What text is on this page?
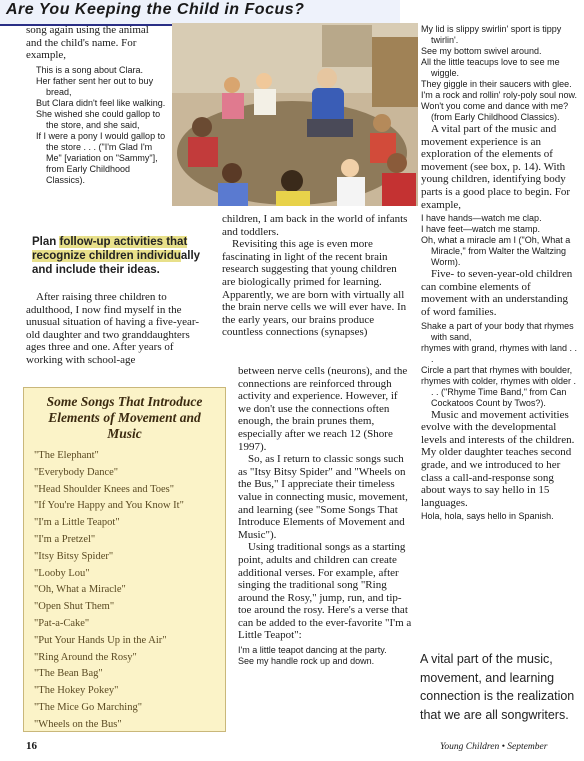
Are You Keeping the Child in Focus?

song again using the animal and the child's name. For example,

This is a song about Clara.
Her father sent her out to buy bread,
But Clara didn't feel like walking.
She wished she could gallop to the store, and she said,
If I were a pony I would gallop to the store . . . ("I'm Glad I'm Me" [variation on "Sammy"], from Early Childhood Classics).
Plan follow-up activities that recognize children individually and include their ideas.

After raising three children to adulthood, I now find myself in the unusual situation of having a five-year-old daughter and two granddaughters ages three and one. After years of working with school-age

Some Songs That Introduce Elements of Movement and Music
"The Elephant"
"Everybody Dance"
"Head Shoulder Knees and Toes"
"If You're Happy and You Know It"
"I'm a Little Teapot"
"I'm a Pretzel"
"Itsy Bitsy Spider"
"Looby Lou"
"Oh, What a Miracle"
"Open Shut Them"
"Pat-a-Cake"
"Put Your Hands Up in the Air"
"Ring Around the Rosy"
"The Bean Bag"
"The Hokey Pokey"
"The Mice Go Marching"
"Wheels on the Bus"

children, I am back in the world of infants and toddlers.

Revisiting this age is even more fascinating in light of the recent brain research suggesting that young children are biologically primed for learning. Apparently, we are born with virtually all the brain nerve cells we will ever have. In the early years, our brains produce countless connections (synapses)

between nerve cells (neurons), and the connections are reinforced through activity and experience. However, if we don't use the connections often enough, the brain prunes them, especially after we reach 12 (Shore 1997).

So, as I return to classic songs such as "Itsy Bitsy Spider" and "Wheels on the Bus," I appreciate their timeless value in connecting music, movement, and learning (see "Some Songs That Introduce Elements of Movement and Music").

Using traditional songs as a starting point, adults and children can create additional verses. For example, after singing the traditional song "Ring around the Rosy," jump, run, and tip-toe around the rosy. Here's a verse that can be added to the ever-favorite "I'm a Little Teapot":

I'm a little teapot dancing at the party.
See my handle rock up and down.
My lid is slippy swirlin' sport is tippy twirlin'.
See my bottom swivel around.
All the little teacups love to see me wiggle.
They giggle in their saucers with glee.
I'm a rock and rollin' roly-poly soul now.
Won't you come and dance with me? (from Early Childhood Classics).

A vital part of the music and movement experience is an exploration of the elements of movement (see box, p. 14). With young children, identifying body parts is a good place to begin. For example,

I have hands—watch me clap.
I have feet—watch me stamp.
Oh, what a miracle am I ("Oh, What a Miracle," from Walter the Waltzing Worm).

Five- to seven-year-old children can combine elements of movement with an understanding of word families.

Shake a part of your body that rhymes with sand,
rhymes with grand, rhymes with land . . .
Circle a part that rhymes with boulder,
rhymes with colder, rhymes with older . . . ("Rhyme Time Band," from Can Cockatoos Count by Twos?).

Music and movement activities evolve with the developmental levels and interests of the children. My older daughter teaches second grade, and we introduced to her class a call-and-response song about ways to say hello in 15 languages.

Hola, hola, says hello in Spanish.
A vital part of the music, movement, and learning connection is the realization that we are all songwriters.
16	Young Children • September
